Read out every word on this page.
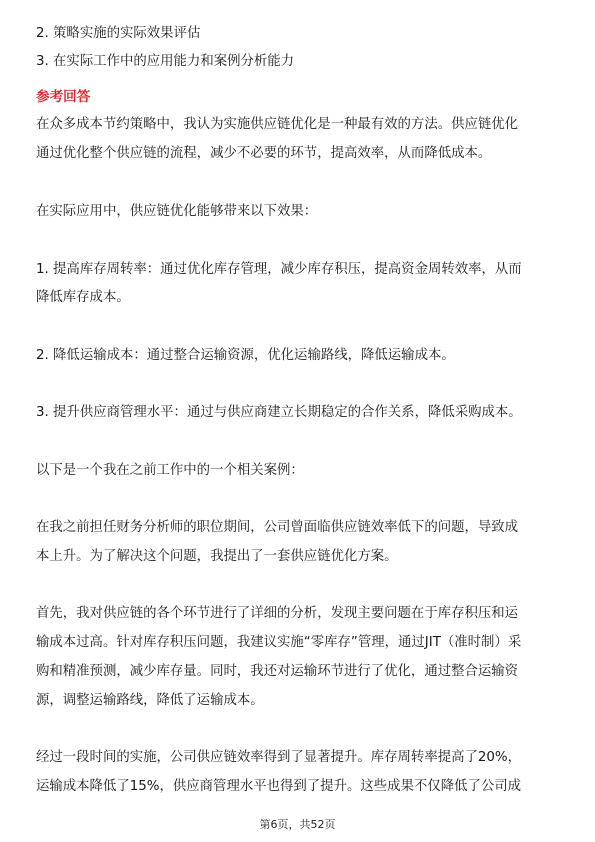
2. 策略实施的实际效果评估
3. 在实际工作中的应用能力和案例分析能力
参考回答
在众多成本节约策略中，我认为实施供应链优化是一种最有效的方法。供应链优化
通过优化整个供应链的流程，减少不必要的环节，提高效率，从而降低成本。
在实际应用中，供应链优化能够带来以下效果：
1. 提高库存周转率：通过优化库存管理，减少库存积压，提高资金周转效率，从而
降低库存成本。
2. 降低运输成本：通过整合运输资源，优化运输路线，降低运输成本。
3. 提升供应商管理水平：通过与供应商建立长期稳定的合作关系，降低采购成本。
以下是一个我在之前工作中的一个相关案例：
在我之前担任财务分析师的职位期间，公司曾面临供应链效率低下的问题，导致成
本上升。为了解决这个问题，我提出了一套供应链优化方案。
首先，我对供应链的各个环节进行了详细的分析，发现主要问题在于库存积压和运
输成本过高。针对库存积压问题，我建议实施“零库存”管理，通过JIT（准时制）采
购和精准预测，减少库存量。同时，我还对运输环节进行了优化，通过整合运输资
源，调整运输路线，降低了运输成本。
经过一段时间的实施，公司供应链效率得到了显著提升。库存周转率提高了20%，
运输成本降低了15%，供应商管理水平也得到了提升。这些成果不仅降低了公司成
第6页，共52页
